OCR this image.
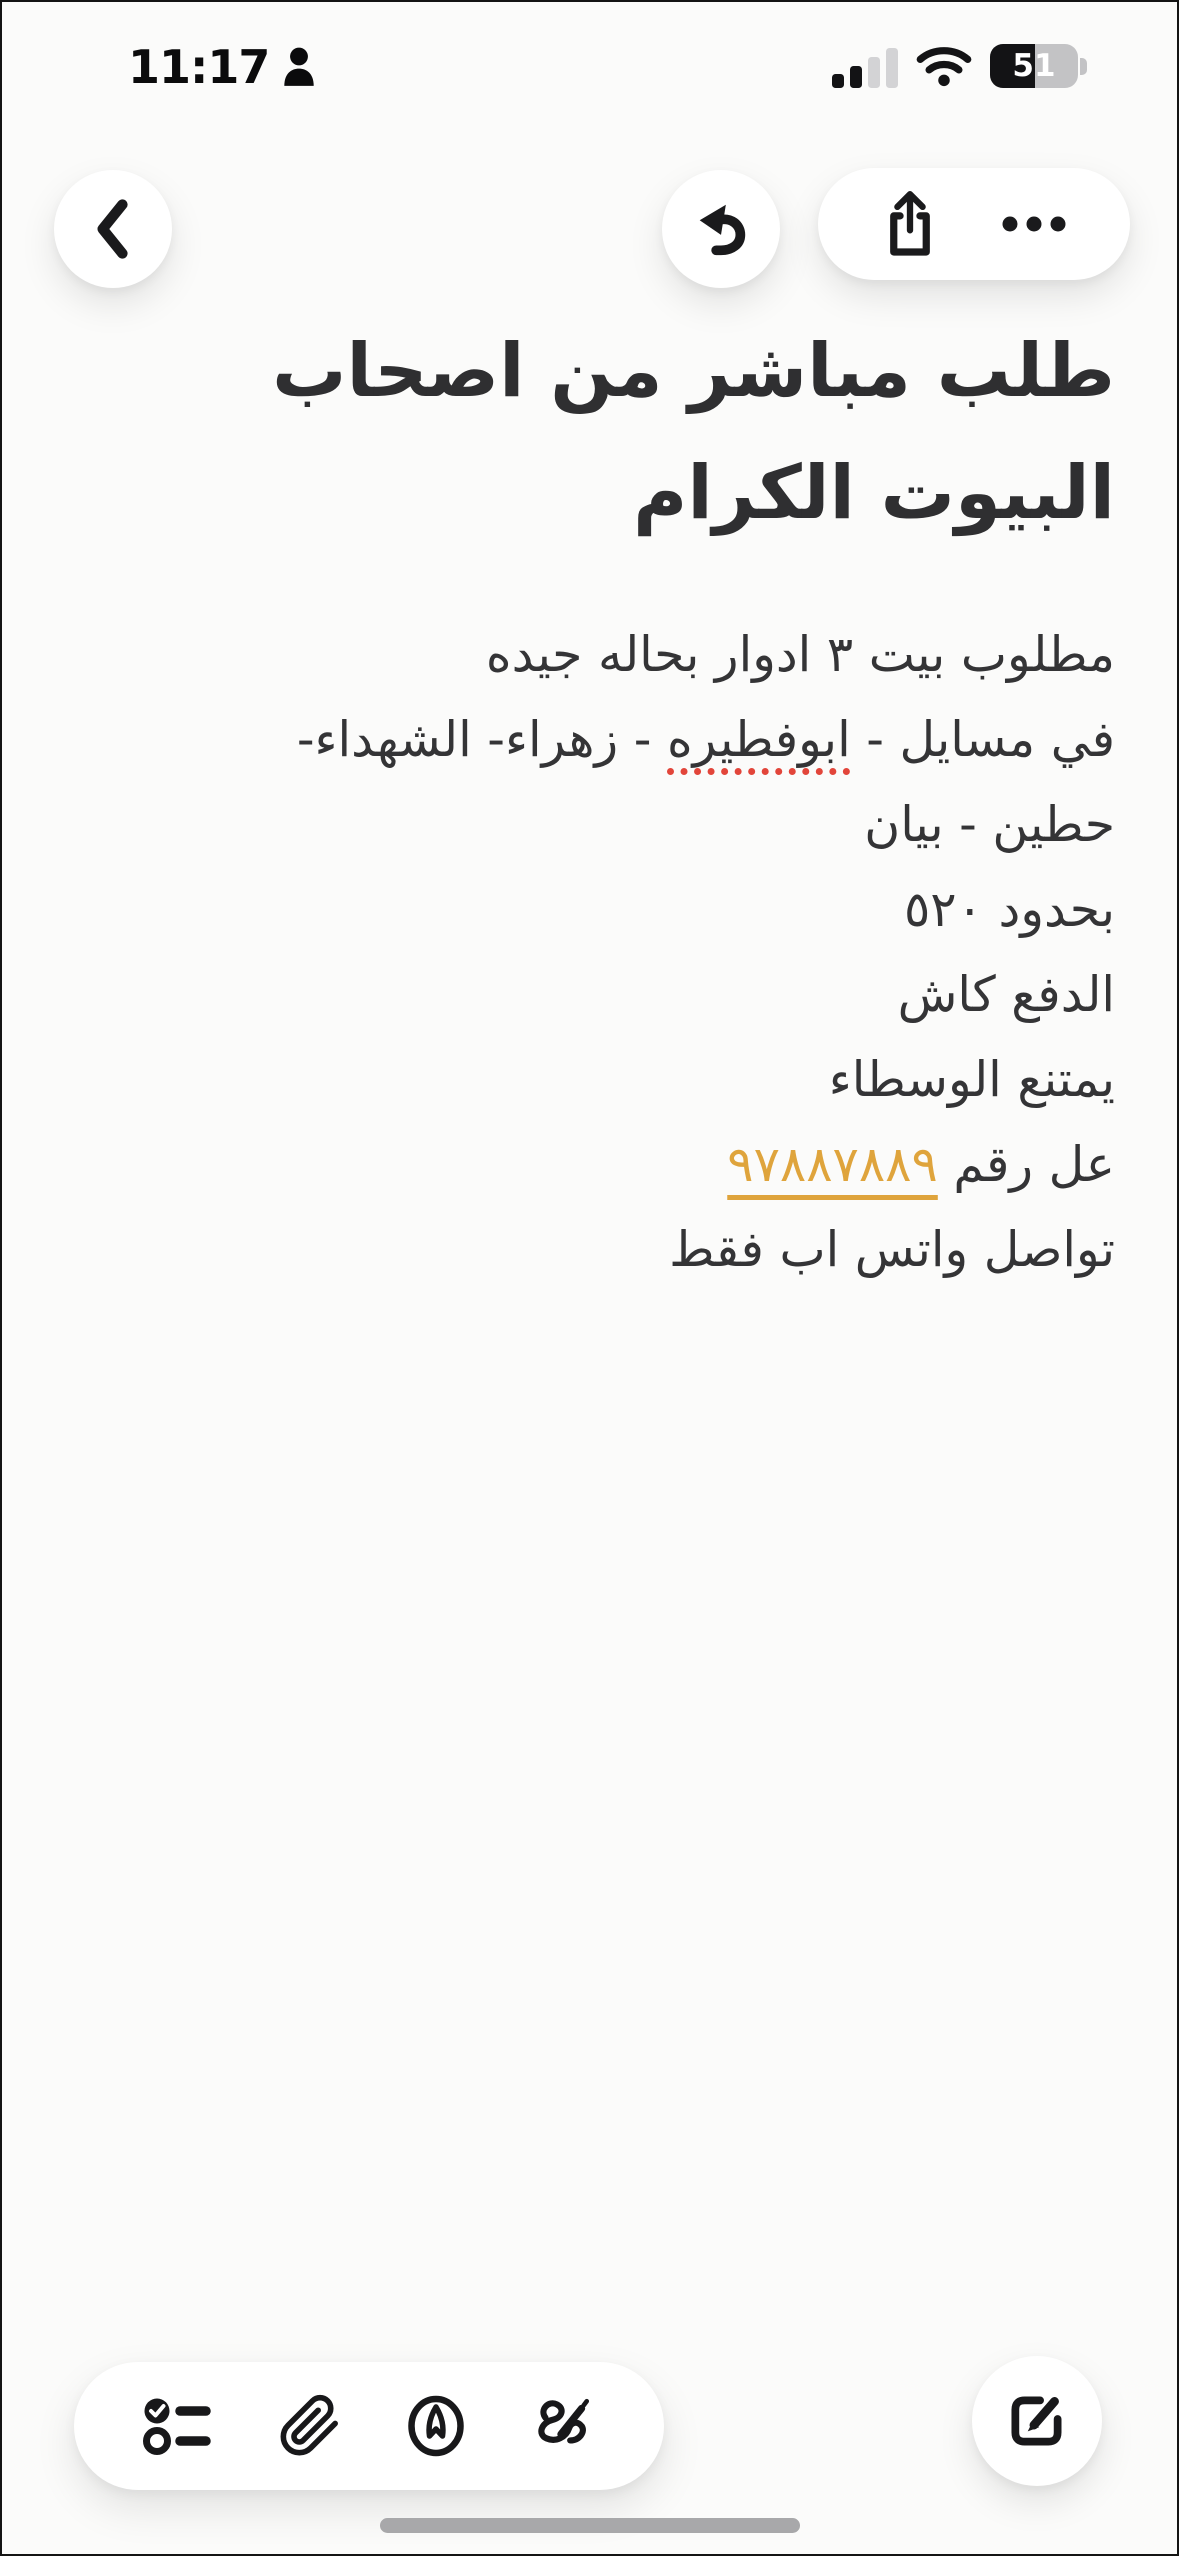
11:17	51
طلب مباشر من اصحاب
البيوت الكرام
مطلوب بيت ٣ ادوار بحاله جيده
في مسايل - ابوفطيره - زهراء- الشهداء-
حطين - بيان
بحدود ٥٢٠
الدفع كاش
يمتنع الوسطاء
عل رقم ٩٧٨٨٧٨٨٩
تواصل واتس اب فقط
